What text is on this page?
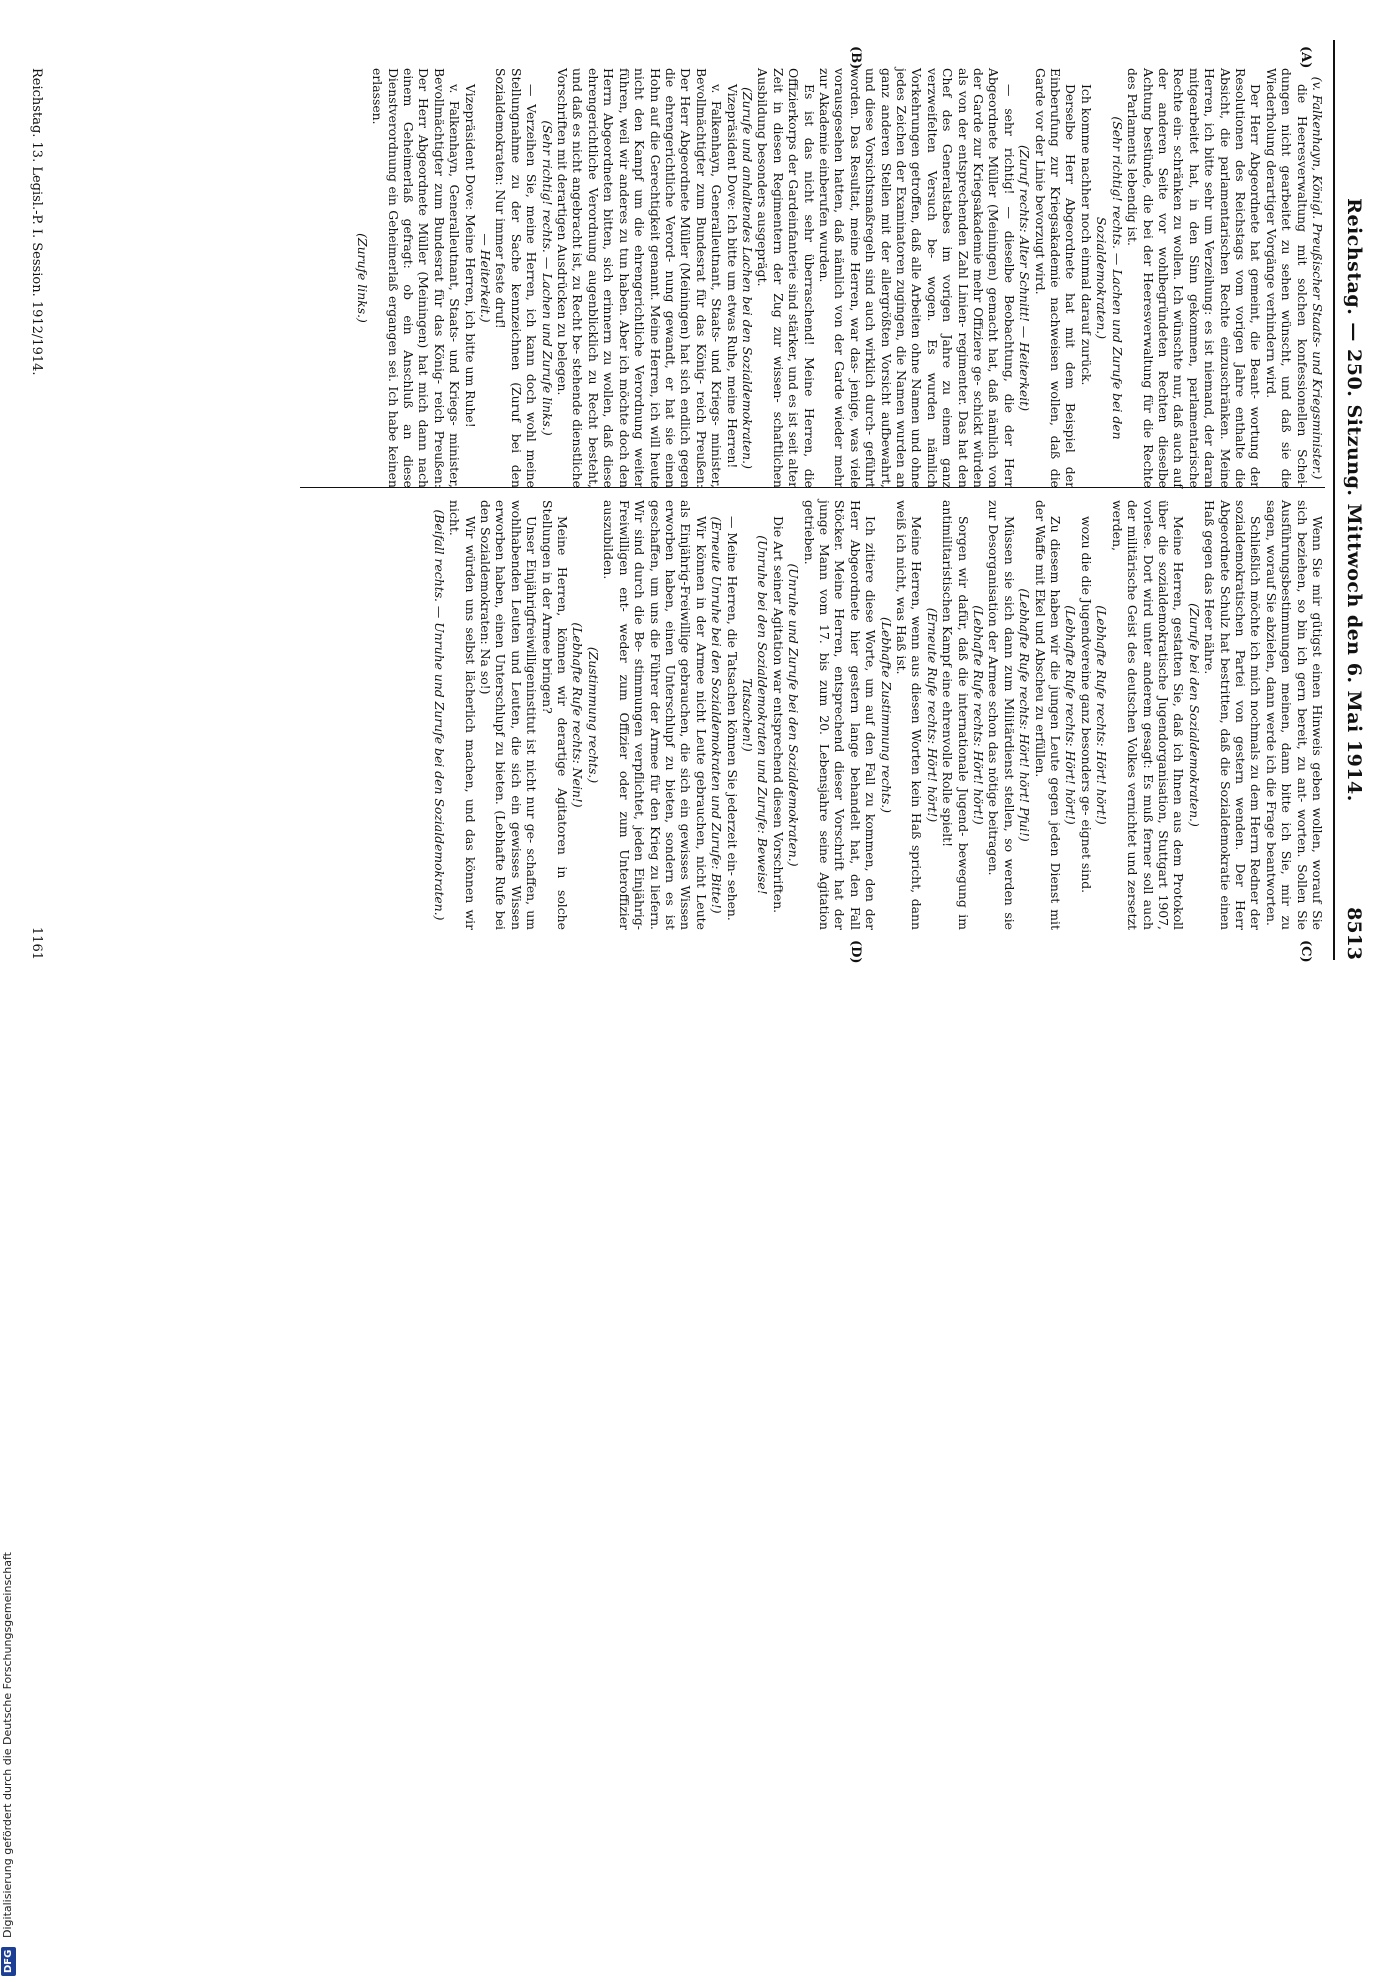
Reichstag. — 250. Sitzung. Mittwoch den 6. Mai 1914.
8513
(A)
(B)
(C)
(D)

(v. Falkenhayn, Königl. Preußischer Staats- und Kriegsminister.)

die Heeresverwaltung mit solchen konfessionellen Schei- dungen nicht gearbeitet zu sehen wünscht, und daß sie die Wiederholung derartiger Vorgänge verhindern wird.

Der Herr Abgeordnete hat gemeint, die Beant- wortung der Resolutionen des Reichstags vom vorigen Jahre enthalte die Absicht, die parlamentarischen Rechte einzuschränken. Meine Herren, ich bitte sehr um Verzeihung: es ist niemand, der daran mitgearbeitet hat, in den Sinn gekommen, parlamentarische Rechte ein- schränken zu wollen. Ich wünschte nur, daß auch auf der anderen Seite vor wohlbegründeten Rechten dieselbe Achtung bestünde, die bei der Heeresverwaltung für die Rechte des Parlaments lebendig ist.

(Sehr richtig! rechts. — Lachen und Zurufe bei den Sozialdemokraten.)

Ich komme nachher noch einmal darauf zurück.

Derselbe Herr Abgeordnete hat mit dem Beispiel der Einberufung zur Kriegsakademie nachweisen wollen, daß die Garde vor der Linie bevorzugt wird.

(Zuruf rechts: Alter Schnitt! — Heiterkeit)

— sehr richtig! — dieselbe Beobachtung, die der Herr Abgeordnete Müller (Meiningen) gemacht hat, daß nämlich von der Garde zur Kriegsakademie mehr Offiziere ge- schickt würden als von der entsprechenden Zahl Linien- regimenter. Das hat den Chef des Generalstabes im vorigen Jahre zu einem ganz verzweifelten Versuch be- wogen. Es wurden nämlich Vorkehrungen getroffen, daß alle Arbeiten ohne Namen und ohne jedes Zeichen der Examinatoren zugingen, die Namen wurden an ganz anderen Stellen mit der allergrößten Vorsicht aufbewahrt, und diese Vorsichtsmaßregeln sind auch wirklich durch- geführt worden. Das Resultat, meine Herren, war das- jenige, was viele vorausgesehen hatten, daß nämlich von der Garde wieder mehr zur Akademie einberufen wurden.

Es ist das nicht sehr überraschend! Meine Herren, die Offizierkorps der Gardeinfanterie sind stärker, und es ist seit alter Zeit in diesen Regimentern der Zug zur wissen- schaftlichen Ausbildung besonders ausgeprägt.

(Zurufe und anhaltendes Lachen bei den Sozialdemokraten.)

Vizepräsident Dove: Ich bitte um etwas Ruhe, meine Herren!

v. Falkenhayn, Generalleutnant, Staats- und Kriegs- minister, Bevollmächtigter zum Bundesrat für das König- reich Preußen: Der Herr Abgeordnete Müller (Meiningen) hat sich endlich gegen die ehrengerichtliche Verord- nung gewandt, er hat sie einen Hohn auf die Gerechtigkeit genannt. Meine Herren, ich will heute nicht den Kampf um die ehrengerichtliche Verordnung weiter führen, weil wir anderes zu tun haben. Aber ich möchte doch den Herrn Abgeordneten bitten, sich erinnern zu wollen, daß diese ehrengerichtliche Verordnung augenblicklich zu Recht besteht, und daß es nicht angebracht ist, zu Recht be- stehende dienstliche Vorschriften mit derartigen Ausdrücken zu belegen.

(Sehr richtig! rechts. — Lachen und Zurufe links.)

— Verzeihen Sie, meine Herren, ich kann doch wohl meine Stellungnahme zu der Sache kennzeichnen (Zuruf bei den Sozialdemokraten: Nur immer feste druf!

— Heiterkeit.)

Vizepräsident Dove: Meine Herren, ich bitte um Ruhe!

v. Falkenhayn, Generalleutnant, Staats- und Kriegs- minister, Bevollmächtigter zum Bundesrat für das König- reich Preußen: Der Herr Abgeordnete Müller (Meiningen) hat mich dann nach einem Geheimerlaß gefragt: ob ein Anschluß an diese Dienstverordnung ein Geheimerlaß ergangen sei. Ich habe keinen erlassen.

(Zurufe links.)

Wenn Sie mir gütigst einen Hinweis geben wollen, worauf Sie sich beziehen, so bin ich gern bereit, zu ant- worten. Sollen Sie Ausführungsbestimmungen meinen, dann bitte ich Sie, mir zu sagen, worauf Sie abzielen, dann werde ich die Frage beantworten.

Schließlich möchte ich mich nochmals zu dem Herrn Redner der sozialdemokratischen Partei von gestern wenden. Der Herr Abgeordnete Schulz hat bestritten, daß die Sozialdemokratie einen Haß gegen das Heer nähre.

(Zurufe bei den Sozialdemokraten.)

Meine Herren, gestatten Sie, daß ich Ihnen aus dem Protokoll über die sozialdemokratische Jugendorganisation, Stuttgart 1907, vorlese. Dort wird unter anderem gesagt: Es muß ferner soll auch der militärische Geist des deutschen Volkes vernichtet und zersetzt werden,

(Lebhafte Rufe rechts: Hört! hört!)

wozu die die Jugendvereine ganz besonders ge- eignet sind.

(Lebhafte Rufe rechts: Hört! hört!)

Zu diesem haben wir die jungen Leute gegen jeden Dienst mit der Waffe mit Ekel und Abscheu zu erfüllen.

(Lebhafte Rufe rechts: Hört! hört! Pfui!)

Müssen sie sich dann zum Militärdienst stellen, so werden sie zur Desorganisation der Armee schon das nötige beitragen.

(Lebhafte Rufe rechts: Hört! hört!)

Sorgen wir dafür, daß die internationale Jugend- bewegung im antimilitaristischen Kampf eine ehrenvolle Rolle spielt!

(Erneute Rufe rechts: Hört! hört!)

Meine Herren, wenn aus diesen Worten kein Haß spricht, dann weiß ich nicht, was Haß ist.

(Lebhafte Zustimmung rechts.)

Ich zitiere diese Worte, um auf den Fall zu kommen, den der Herr Abgeordnete hier gestern lange behandelt hat, den Fall Stöcker. Meine Herren, entsprechend dieser Vorschrift hat der junge Mann vom 17. bis zum 20. Lebensjahre seine Agitation getrieben.

(Unruhe und Zurufe bei den Sozialdemokraten.)

Die Art seiner Agitation war entsprechend diesen Vorschriften.

(Unruhe bei den Sozialdemokraten und Zurufe: Beweise! Tatsachen!)

— Meine Herren, die Tatsachen können Sie jederzeit ein- sehen.

(Erneute Unruhe bei den Sozialdemokraten und Zurufe: Bitte!)

Wir können in der Armee nicht Leute gebrauchen, nicht Leute als Einjährig-Freiwillige gebrauchen, die sich ein gewisses Wissen erworben haben, einen Unterschlupf zu bieten, sondern es ist geschaffen, um uns die Führer der Armee für den Krieg zu liefern. Wir sind durch die Be- stimmungen verpflichtet, jeden Einjährig-Freiwilligen ent- weder zum Offizier oder zum Unteroffizier auszubilden.

(Zustimmung rechts.)

(Lebhafte Rufe rechts: Nein!)

Meine Herren, können wir derartige Agitatoren in solche Stellungen in der Armee bringen?

Unser Einjährigfreiwilligeninstitut ist nicht nur ge- schaffen, um wohlhabenden Leuten und Leuten, die sich ein gewisses Wissen erworben haben, einen Unterschlupf zu bieten. (Lebhafte Rufe bei den Sozialdemokraten: Na so!)

Wir würden uns selbst lächerlich machen, und das können wir nicht.

(Beifall rechts. — Unruhe und Zurufe bei den Sozialdemokraten.)

Reichstag. 13. Legisl.-P. I. Session. 1912/1914.
1161
DFG
Digitalisierung gefördert durch die Deutsche Forschungsgemeinschaft
